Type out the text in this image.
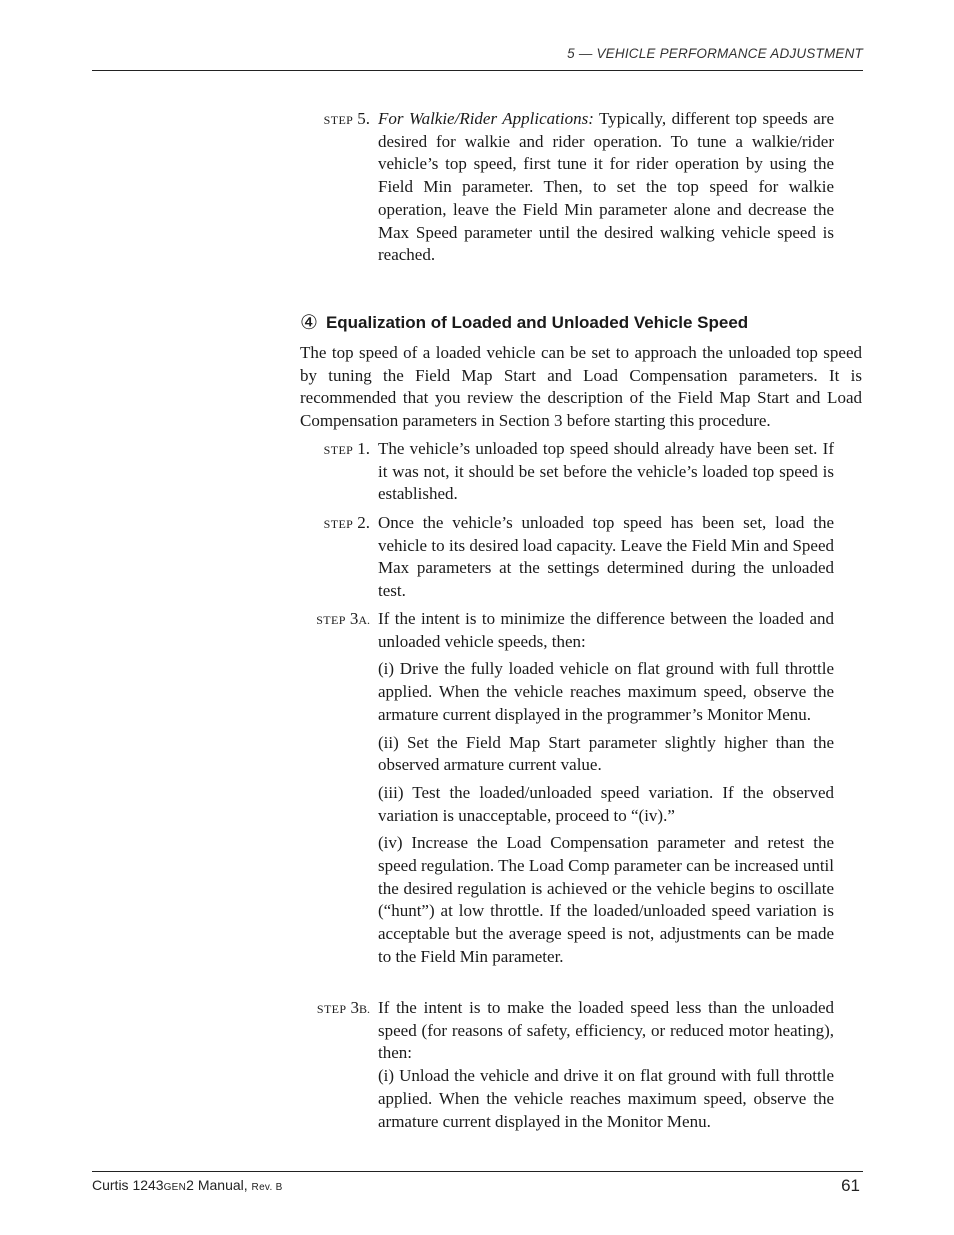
5 — VEHICLE PERFORMANCE ADJUSTMENT
STEP 5. For Walkie/Rider Applications: Typically, different top speeds are desired for walkie and rider operation. To tune a walkie/rider vehicle’s top speed, first tune it for rider operation by using the Field Min parameter. Then, to set the top speed for walkie operation, leave the Field Min parameter alone and decrease the Max Speed parameter until the desired walking vehicle speed is reached.

④ Equalization of Loaded and Unloaded Vehicle Speed

The top speed of a loaded vehicle can be set to approach the unloaded top speed by tuning the Field Map Start and Load Compensation parameters. It is recommended that you review the description of the Field Map Start and Load Compensation parameters in Section 3 before starting this procedure.

STEP 1. The vehicle’s unloaded top speed should already have been set. If it was not, it should be set before the vehicle’s loaded top speed is established.

STEP 2. Once the vehicle’s unloaded top speed has been set, load the vehicle to its desired load capacity. Leave the Field Min and Speed Max parameters at the settings determined during the unloaded test.

STEP 3A. If the intent is to minimize the difference between the loaded and unloaded vehicle speeds, then:

(i) Drive the fully loaded vehicle on flat ground with full throttle applied. When the vehicle reaches maximum speed, observe the armature current displayed in the programmer’s Monitor Menu.

(ii) Set the Field Map Start parameter slightly higher than the observed armature current value.

(iii) Test the loaded/unloaded speed variation. If the observed variation is unacceptable, proceed to “(iv).”

(iv) Increase the Load Compensation parameter and retest the speed regulation. The Load Comp parameter can be increased until the desired regulation is achieved or the vehicle begins to oscillate (“hunt”) at low throttle. If the loaded/unloaded speed variation is acceptable but the average speed is not, adjustments can be made to the Field Min parameter.

STEP 3B. If the intent is to make the loaded speed less than the unloaded speed (for reasons of safety, efficiency, or reduced motor heating), then:

(i) Unload the vehicle and drive it on flat ground with full throttle applied. When the vehicle reaches maximum speed, observe the armature current displayed in the Monitor Menu.

Curtis 1243GEN2 Manual, Rev. B	61
